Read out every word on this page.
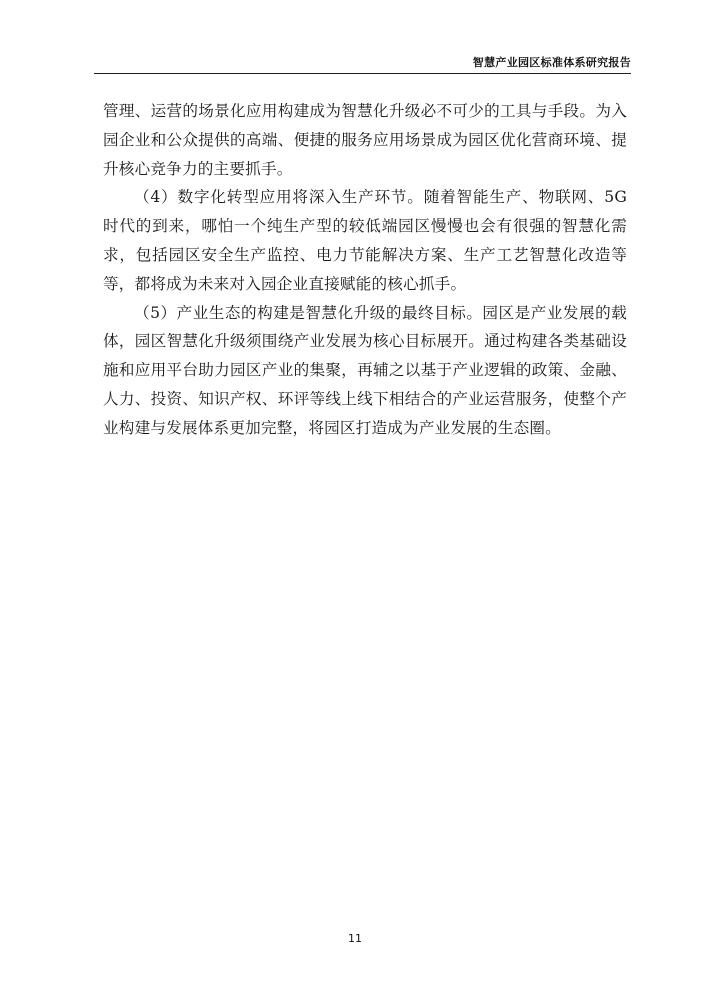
智慧产业园区标准体系研究报告

管理、运营的场景化应用构建成为智慧化升级必不可少的工具与手段。为入园企业和公众提供的高端、便捷的服务应用场景成为园区优化营商环境、提升核心竞争力的主要抓手。

（4）数字化转型应用将深入生产环节。随着智能生产、物联网、5G 时代的到来，哪怕一个纯生产型的较低端园区慢慢也会有很强的智慧化需求，包括园区安全生产监控、电力节能解决方案、生产工艺智慧化改造等等，都将成为未来对入园企业直接赋能的核心抓手。

（5）产业生态的构建是智慧化升级的最终目标。园区是产业发展的载体，园区智慧化升级须围绕产业发展为核心目标展开。通过构建各类基础设施和应用平台助力园区产业的集聚，再辅之以基于产业逻辑的政策、金融、人力、投资、知识产权、环评等线上线下相结合的产业运营服务，使整个产业构建与发展体系更加完整，将园区打造成为产业发展的生态圈。

11
